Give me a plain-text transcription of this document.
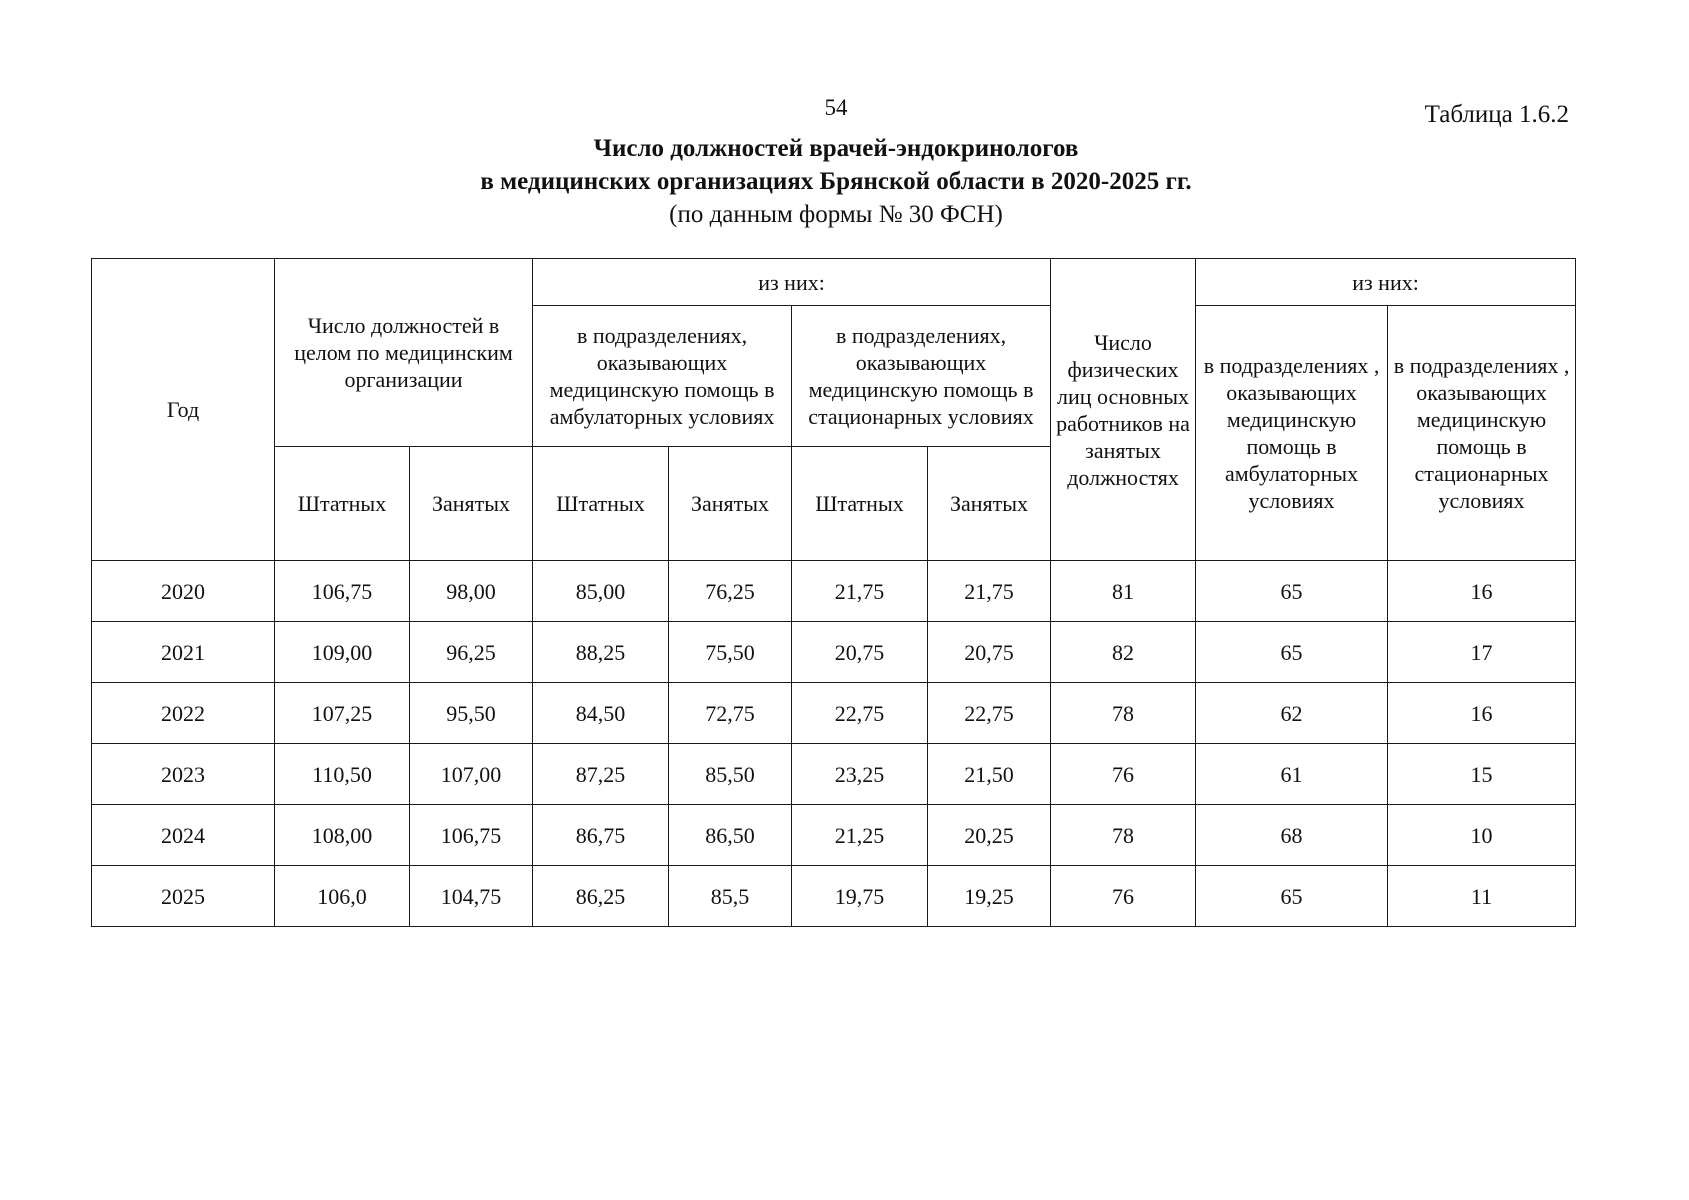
54	Таблица 1.6.2
Число должностей врачей-эндокринологов
в медицинских организациях Брянской области в 2020-2025 гг.
(по данным формы № 30 ФСН)
Год	Число должностей в целом по медицинским организации		из них:				Число физических лиц основных работников на занятых должностях	из них:	
			в подразделениях, оказывающих медицинскую помощь в амбулаторных условиях		в подразделениях, оказывающих медицинскую помощь в стационарных условиях			в подразделениях , оказывающих медицинскую помощь в амбулаторных условиях	в подразделениях , оказывающих медицинскую помощь в стационарных условиях
	Штатных	Занятых	Штатных	Занятых	Штатных	Занятых			
2020	106,75	98,00	85,00	76,25	21,75	21,75	81	65	16
2021	109,00	96,25	88,25	75,50	20,75	20,75	82	65	17
2022	107,25	95,50	84,50	72,75	22,75	22,75	78	62	16
2023	110,50	107,00	87,25	85,50	23,25	21,50	76	61	15
2024	108,00	106,75	86,75	86,50	21,25	20,25	78	68	10
2025	106,0	104,75	86,25	85,5	19,75	19,25	76	65	11
